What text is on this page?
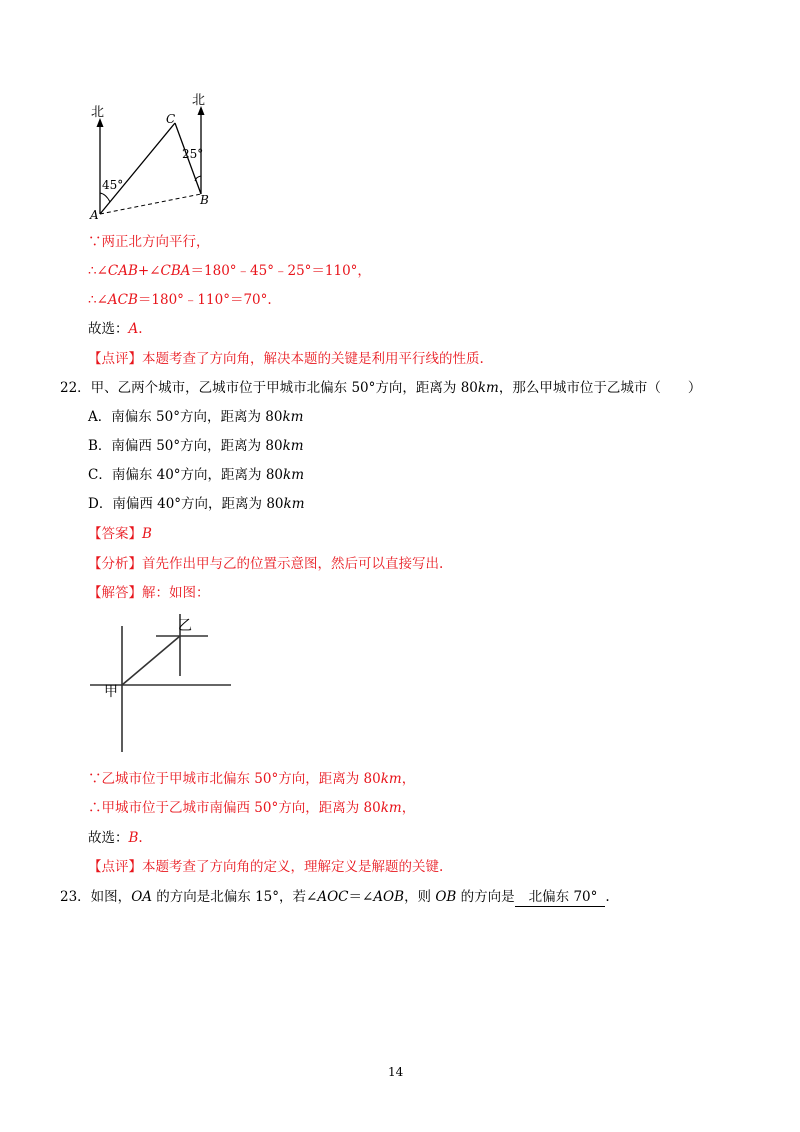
北
北
C
A
B
45°
25°
∵两正北方向平行，
∴∠CAB+∠CBA＝180°﹣45°﹣25°＝110°，
∴∠ACB＝180°﹣110°＝70°.
故选：A.
【点评】本题考查了方向角，解决本题的关键是利用平行线的性质.
22．甲、乙两个城市，乙城市位于甲城市北偏东 50°方向，距离为 80km，那么甲城市位于乙城市（　　）
A．南偏东 50°方向，距离为 80km
B．南偏西 50°方向，距离为 80km
C．南偏东 40°方向，距离为 80km
D．南偏西 40°方向，距离为 80km
【答案】B
【分析】首先作出甲与乙的位置示意图，然后可以直接写出.
【解答】解：如图：
甲
乙
∵乙城市位于甲城市北偏东 50°方向，距离为 80km，
∴甲城市位于乙城市南偏西 50°方向，距离为 80km，
故选：B.
【点评】本题考查了方向角的定义，理解定义是解题的关键.
23．如图，OA 的方向是北偏东 15°，若∠AOC＝∠AOB，则 OB 的方向是 北偏东 70° .
14
